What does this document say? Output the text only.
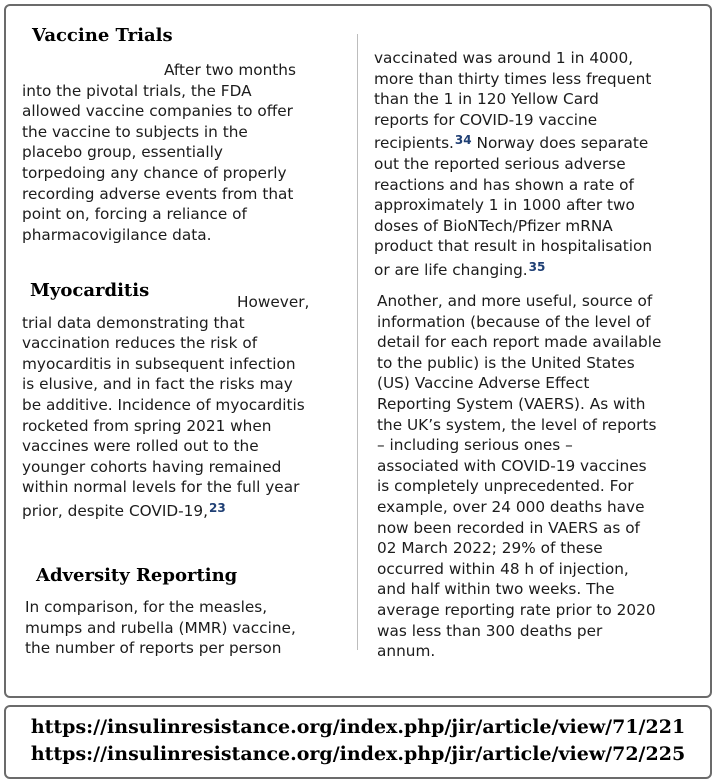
Vaccine Trials
After two months
into the pivotal trials, the FDA
allowed vaccine companies to offer
the vaccine to subjects in the
placebo group, essentially
torpedoing any chance of properly
recording adverse events from that
point on, forcing a reliance of
pharmacovigilance data.
Myocarditis
However,
trial data demonstrating that
vaccination reduces the risk of
myocarditis in subsequent infection
is elusive, and in fact the risks may
be additive. Incidence of myocarditis
rocketed from spring 2021 when
vaccines were rolled out to the
younger cohorts having remained
within normal levels for the full year
prior, despite COVID-19,23
Adversity Reporting
In comparison, for the measles,
mumps and rubella (MMR) vaccine,
the number of reports per person
vaccinated was around 1 in 4000,
more than thirty times less frequent
than the 1 in 120 Yellow Card
reports for COVID-19 vaccine
recipients.$^{34}$ Norway does separate
out the reported serious adverse
reactions and has shown a rate of
approximately 1 in 1000 after two
doses of BioNTech/Pfizer mRNA
product that result in hospitalisation
or are life changing.$^{35}$
Another, and more useful, source of
information (because of the level of
detail for each report made available
to the public) is the United States
(US) Vaccine Adverse Effect
Reporting System (VAERS). As with
the UK’s system, the level of reports
– including serious ones –
associated with COVID-19 vaccines
is completely unprecedented. For
example, over 24 000 deaths have
now been recorded in VAERS as of
02 March 2022; 29% of these
occurred within 48 h of injection,
and half within two weeks. The
average reporting rate prior to 2020
was less than 300 deaths per
annum.
https://insulinresistance.org/index.php/jir/article/view/71/221
https://insulinresistance.org/index.php/jir/article/view/72/225
